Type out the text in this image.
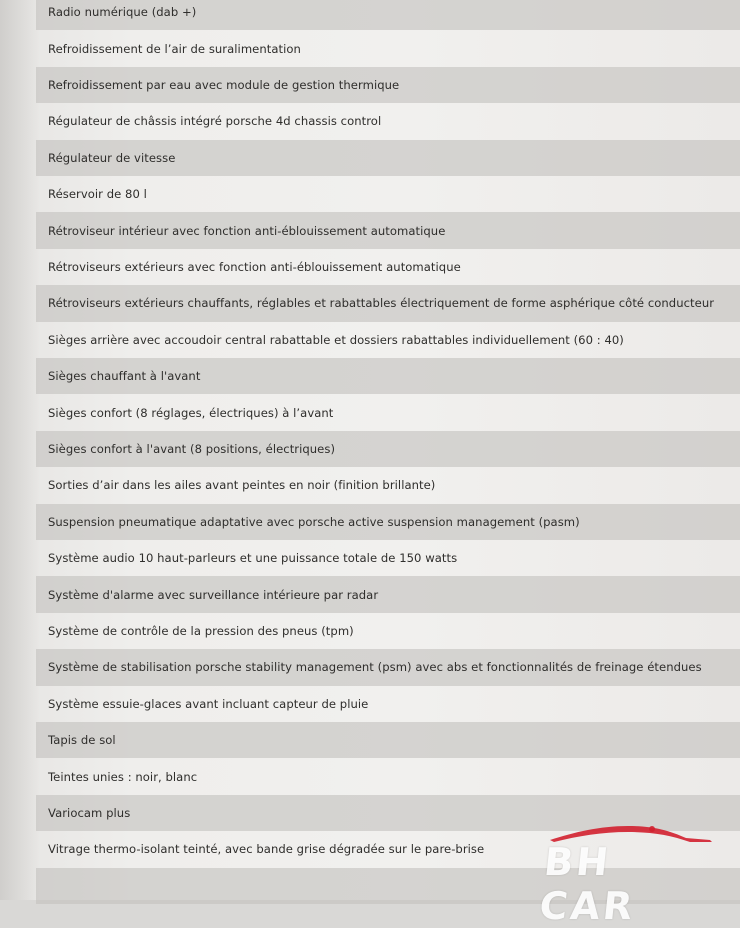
Radio numérique (dab +)
Refroidissement de l’air de suralimentation
Refroidissement par eau avec module de gestion thermique
Régulateur de châssis intégré porsche 4d chassis control
Régulateur de vitesse
Réservoir de 80 l
Rétroviseur intérieur avec fonction anti-éblouissement automatique
Rétroviseurs extérieurs avec fonction anti-éblouissement automatique
Rétroviseurs extérieurs chauffants, réglables et rabattables électriquement de forme asphérique côté conducteur
Sièges arrière avec accoudoir central rabattable et dossiers rabattables individuellement (60 : 40)
Sièges chauffant à l'avant
Sièges confort (8 réglages, électriques) à l’avant
Sièges confort à l'avant (8 positions, électriques)
Sorties d’air dans les ailes avant peintes en noir (finition brillante)
Suspension pneumatique adaptative avec porsche active suspension management (pasm)
Système audio 10 haut-parleurs et une puissance totale de 150 watts
Système d'alarme avec surveillance intérieure par radar
Système de contrôle de la pression des pneus (tpm)
Système de stabilisation porsche stability management (psm) avec abs et fonctionnalités de freinage étendues
Système essuie-glaces avant incluant capteur de pluie
Tapis de sol
Teintes unies : noir, blanc
Variocam plus
Vitrage thermo-isolant teinté, avec bande grise dégradée sur le pare-brise BH CAR
